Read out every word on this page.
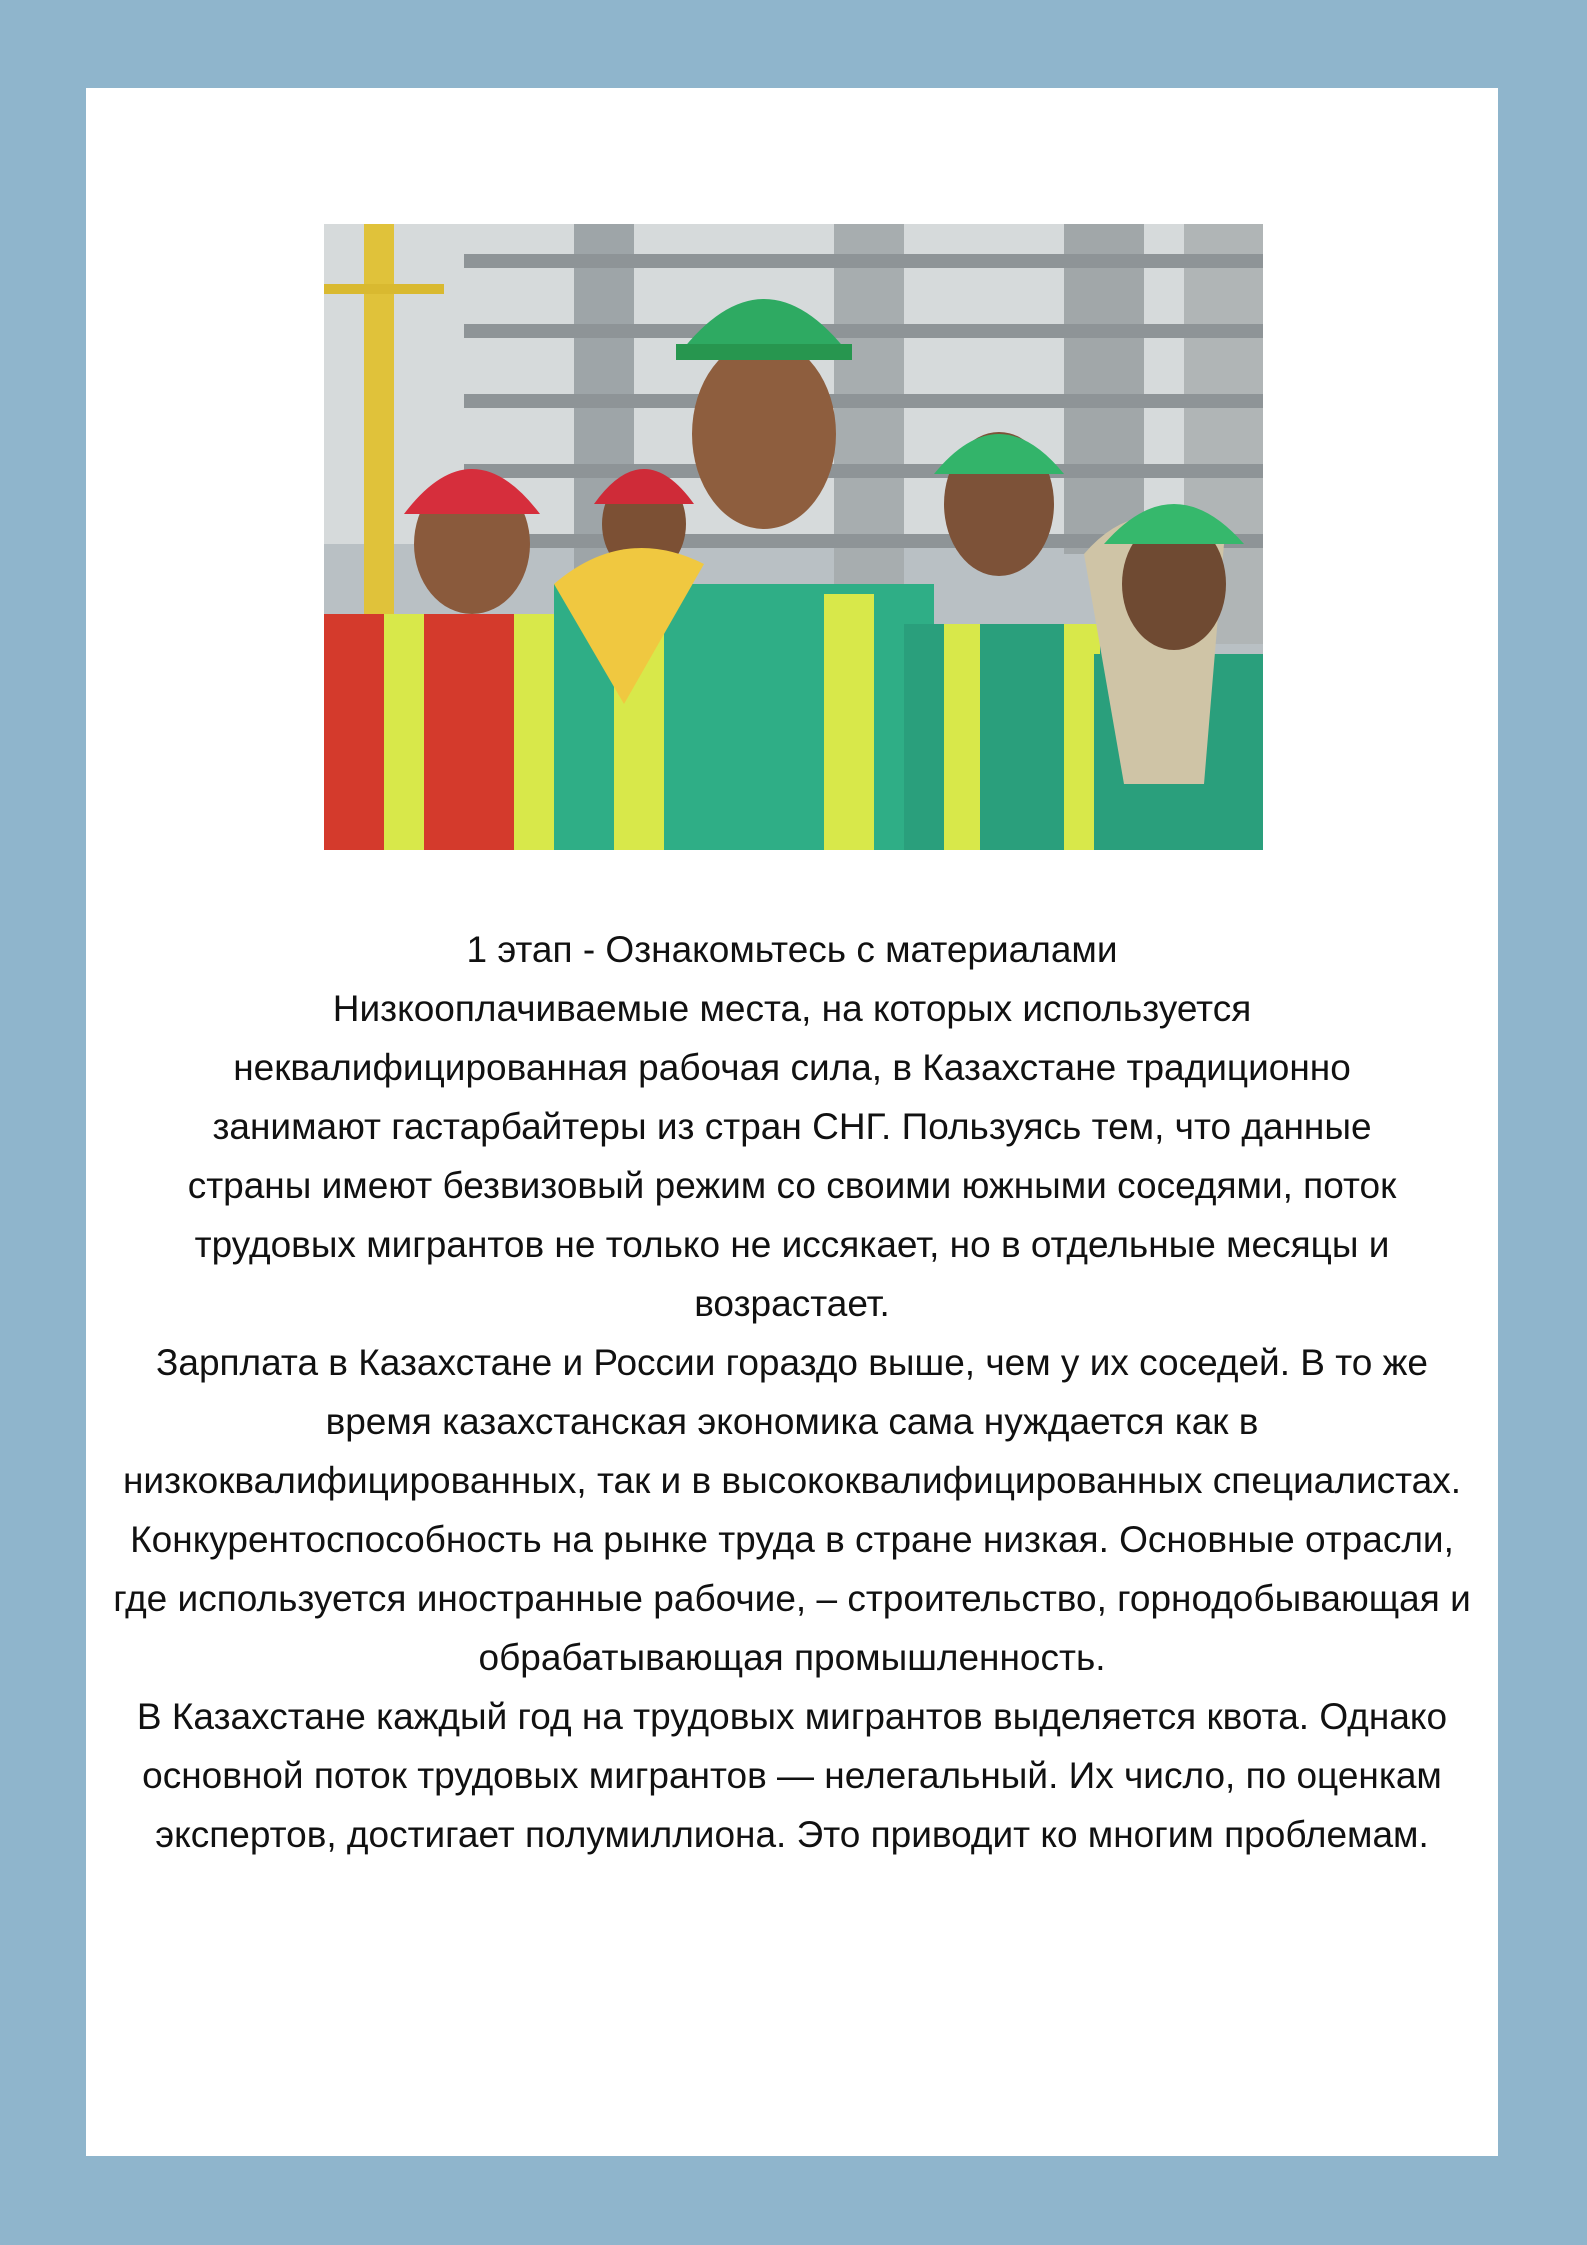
1 этап - Ознакомьтесь с материалами

Низкооплачиваемые места, на которых используется неквалифицированная рабочая сила, в Казахстане традиционно занимают гастарбайтеры из стран СНГ. Пользуясь тем, что данные страны имеют безвизовый режим со своими южными соседями, поток трудовых мигрантов не только не иссякает, но в отдельные месяцы и возрастает.

Зарплата в Казахстане и России гораздо выше, чем у их соседей. В то же время казахстанская экономика сама нуждается как в низкоквалифицированных, так и в высококвалифицированных специалистах. Конкурентоспособность на рынке труда в стране низкая. Основные отрасли, где используется иностранные рабочие, – строительство, горнодобывающая и обрабатывающая промышленность.

В Казахстане каждый год на трудовых мигрантов выделяется квота. Однако основной поток трудовых мигрантов — нелегальный. Их число, по оценкам экспертов, достигает полумиллиона. Это приводит ко многим проблемам.
